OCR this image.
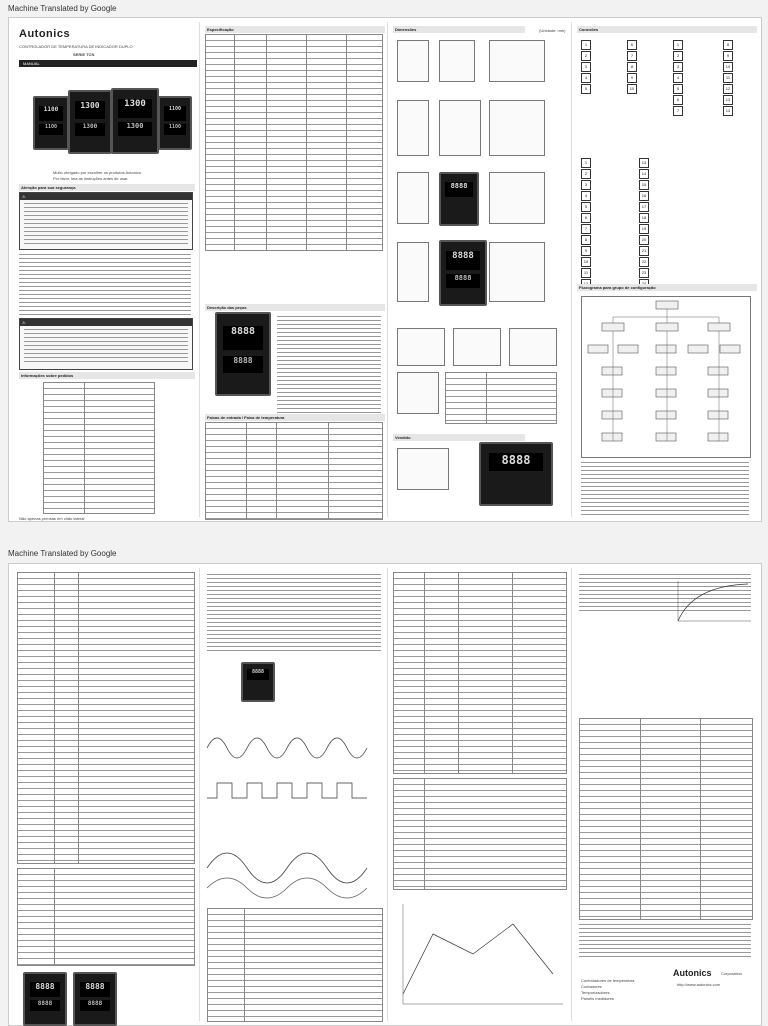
Machine Translated by Google
Autonics
CONTROLADOR DE TEMPERATURA DE INDICADOR DUPLO
SERIE TCN
MANUAL
1100
1100
1300
1300
1300
1300
1100
1100
Muito obrigado por escolher os produtos Autonics.
Por favor, leia as instruções antes de usar.
Atenção para sua segurança
⚠
⚠
Informações sobre pedidos
Não apenas prensas em chão lateral
Especificação
Descrição das peças
8888
8888
Faixas de entrada / Faixa de temperatura
Dimensões	(Unidade: mm)
8888
8888
8888
Vendido
8888
Conexões
1
2
3
4
5
6
7
8
9
10
1
2
3
4
5
6
7
8
9
10
11
12
13
14
1
2
3
4
5
6
7
8
9
10
11
13
14
15
16
17
18
19
20
21
22
23
Fluxograma para grupo de configuração
Machine Translated by Google
8888
8888
8888
8888
8888
Autonics Corporation
http://www.autonics.com
Controladores de temperatura
Contadores
Temporizadores
Painéis medidores
